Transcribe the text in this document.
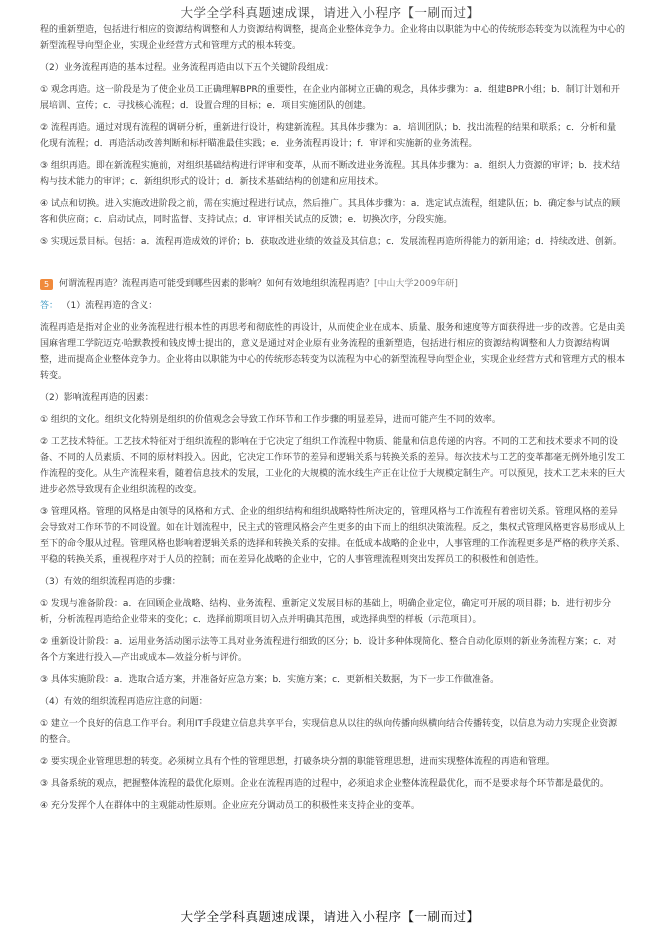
大学全学科真题速成课，请进入小程序【一刷而过】

程的重新塑造，包括进行相应的资源结构调整和人力资源结构调整，提高企业整体竞争力。企业将由以职能为中心的传统形态转变为以流程为中心的新型流程导向型企业，实现企业经营方式和管理方式的根本转变。

（2）业务流程再造的基本过程。业务流程再造由以下五个关键阶段组成：

① 观念再造。这一阶段是为了使企业员工正确理解BPR的重要性，在企业内部树立正确的观念，具体步骤为：a．组建BPR小组；b．制订计划和开展培训、宣传；c．寻找核心流程；d．设置合理的目标；e．项目实施团队的创建。

② 流程再造。通过对现有流程的调研分析，重新进行设计，构建新流程。其具体步骤为：a．培训团队；b．找出流程的结果和联系；c．分析和量化现有流程；d．再造活动改善判断和标杆瞄准最佳实践；e．业务流程再设计；f．审评和实施新的业务流程。

③ 组织再造。即在新流程实施前，对组织基础结构进行评审和变革，从而不断改进业务流程。其具体步骤为：a．组织人力资源的审评；b．技术结构与技术能力的审评；c．新组织形式的设计；d．新技术基础结构的创建和应用技术。

④ 试点和切换。进入实施改进阶段之前，需在实施过程进行试点，然后推广。其具体步骤为：a．选定试点流程，组建队伍；b．确定参与试点的顾客和供应商；c．启动试点，同时监督、支持试点；d．审评相关试点的反馈；e．切换次序，分段实施。

⑤ 实现远景目标。包括：a．流程再造成效的评价；b．获取改进业绩的效益及其信息；c．发展流程再造所得能力的新用途；d．持续改进、创新。

5	何谓流程再造？流程再造可能受到哪些因素的影响？如何有效地组织流程再造？ [中山大学2009年研]

答： （1）流程再造的含义：

流程再造是指对企业的业务流程进行根本性的再思考和彻底性的再设计，从而使企业在成本、质量、服务和速度等方面获得进一步的改善。它是由美国麻省理工学院迈克·哈默教授和钱皮博士提出的，意义是通过对企业原有业务流程的重新塑造，包括进行相应的资源结构调整和人力资源结构调整，进而提高企业整体竞争力。企业将由以职能为中心的传统形态转变为以流程为中心的新型流程导向型企业，实现企业经营方式和管理方式的根本转变。

（2）影响流程再造的因素：

① 组织的文化。组织文化特别是组织的价值观念会导致工作环节和工作步骤的明显差异，进而可能产生不同的效率。

② 工艺技术特征。工艺技术特征对于组织流程的影响在于它决定了组织工作流程中物质、能量和信息传递的内容。不同的工艺和技术要求不同的设备、不同的人员素质、不同的原材料投入。因此，它决定工作环节的差异和逻辑关系与转换关系的差异。每次技术与工艺的变革都毫无例外地引发工作流程的变化。从生产流程来看，随着信息技术的发展，工业化的大规模的流水线生产正在让位于大规模定制生产。可以预见，技术工艺未来的巨大进步必然导致现有企业组织流程的改变。

③ 管理风格。管理的风格是由领导的风格和方式、企业的组织结构和组织战略特性所决定的，管理风格与工作流程有着密切关系。管理风格的差异会导致对工作环节的不同设置。如在计划流程中，民主式的管理风格会产生更多的由下而上的组织决策流程。反之，集权式管理风格更容易形成从上至下的命令服从过程。管理风格也影响着逻辑关系的选择和转换关系的安排。在低成本战略的企业中，人事管理的工作流程更多是严格的秩序关系、平稳的转换关系，重视程序对于人员的控制；而在差异化战略的企业中，它的人事管理流程则突出发挥员工的积极性和创造性。

（3）有效的组织流程再造的步骤：

① 发现与准备阶段：a．在回顾企业战略、结构、业务流程、重新定义发展目标的基础上，明确企业定位，确定可开展的项目群；b．进行初步分析，分析流程再造给企业带来的变化；c．选择前期项目切入点并明确其范围，或选择典型的样板（示范项目）。

② 重新设计阶段：a．运用业务活动图示法等工具对业务流程进行细致的区分；b．设计多种体现简化、整合自动化原则的新业务流程方案；c．对各个方案进行投入—产出或成本—效益分析与评价。

③ 具体实施阶段：a．选取合适方案，并准备好应急方案；b．实施方案；c．更新相关数据，为下一步工作做准备。

（4）有效的组织流程再造应注意的问题：

① 建立一个良好的信息工作平台。利用IT手段建立信息共享平台，实现信息从以往的纵向传播向纵横向结合传播转变，以信息为动力实现企业资源的整合。

② 要实现企业管理思想的转变。必须树立具有个性的管理思想，打破条块分割的职能管理思想，进而实现整体流程的再造和管理。

③ 具备系统的观点，把握整体流程的最优化原则。企业在流程再造的过程中，必须追求企业整体流程最优化，而不是要求每个环节都是最优的。

④ 充分发挥个人在群体中的主观能动性原则。企业应充分调动员工的积极性来支持企业的变革。

大学全学科真题速成课，请进入小程序【一刷而过】
